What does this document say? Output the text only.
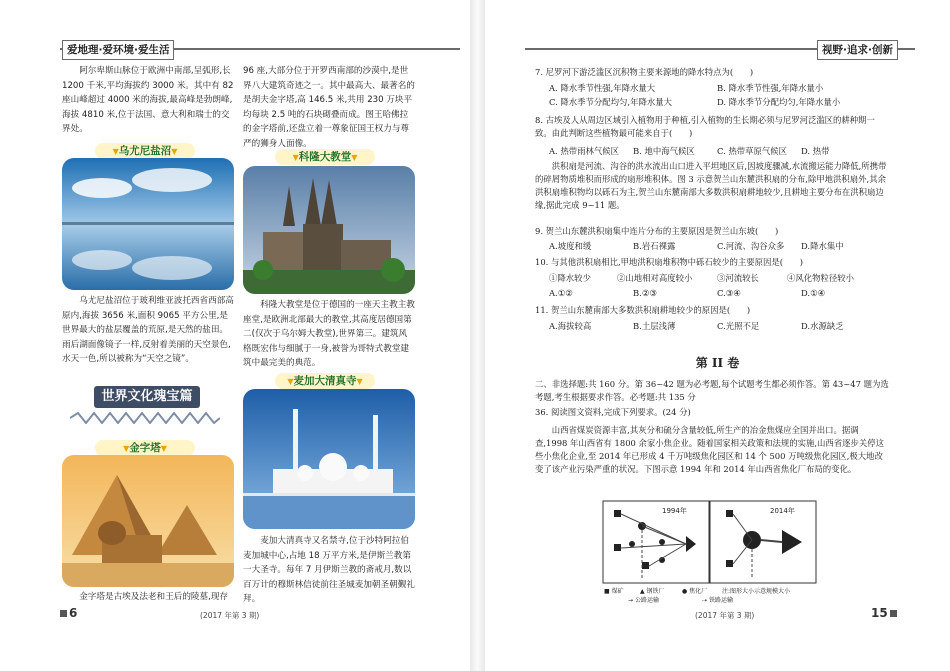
爱地理·爱环境·爱生活

阿尔卑斯山脉位于欧洲中南部,呈弧形,长1200 千米,平均海拔约 3000 米。其中有 82 座山峰超过 4000 米的海拔,最高峰是勃朗峰,海拔 4810 米,位于法国、意大利和瑞士的交界处。

96 座,大部分位于开罗西南部的沙漠中,是世界八大建筑奇迹之一。其中最高大、最著名的是胡夫金字塔,高 146.5 米,共用 230 万块平均每块 2.5 吨的石块砌叠而成。图王哈佛拉的金字塔前,还盘立着一尊象征国王权力与尊严的狮身人面像。

▼乌尤尼盐沼▼

乌尤尼盐沼位于玻利维亚波托西省西部高原内,海拔 3656 米,面积 9065 平方公里,是世界最大的盐层覆盖的荒原,是天然的盐田。雨后湖面像镜子一样,反射着美丽的天空景色,水天一色,所以被称为“天空之镜”。

▼科隆大教堂▼

科隆大教堂是位于德国的一座天主教主教座堂,是欧洲北部最大的教堂,其高度居德国第二(仅次于乌尔姆大教堂),世界第三。建筑风格既宏伟与细腻于一身,被誉为哥特式教堂建筑中最完美的典范。

世界文化瑰宝篇
▼金字塔▼

金字塔是古埃及法老和王后的陵墓,现存

▼麦加大清真寺▼

麦加大清真寺又名禁寺,位于沙特阿拉伯麦加城中心,占地 18 万平方米,是伊斯兰教第一大圣寺。每年 7 月伊斯兰教的斋戒月,数以百万计的穆斯林信徒前往圣城麦加朝圣朝觐礼拜。

6	(2017 年第 3 期)
视野·追求·创新
7. 尼罗河下游泛滥区沉积物主要来源地的降水特点为(　　)
A. 降水季节性强,年降水量大	B. 降水季节性强,年降水量小
C. 降水季节分配均匀,年降水量大	D. 降水季节分配均匀,年降水量小
8. 古埃及人从周边区域引入植物用于种植,引入植物的生长期必须与尼罗河泛滥区的耕种期一致。由此判断这些植物最可能来自于(　　)
A. 热带雨林气候区 B. 地中海气候区	C. 热带草原气候区 D. 热带
洪积扇是河流、沟谷的洪水流出山口进入平坦地区后,因坡度骤减,水流搬运能力降低,所携带的碎屑物质堆积而形成的扇形堆积体。图 3 示意贺兰山东麓洪积扇的分布,除甲地洪积扇外,其余洪积扇堆积物均以砾石为主,贺兰山东麓南部大多数洪积扇耕地较少,且耕地主要分布在洪积扇边缘,据此完成 9~11 题。
9. 贺兰山东麓洪积扇集中连片分布的主要原因是贺兰山东坡(　　)
A.坡度和缓	B.岩石裸露	C.河流、沟谷众多 D.降水集中
10. 与其他洪积扇相比,甲地洪积扇堆积物中砾石较少的主要原因是(　　)
①降水较少	②山地相对高度较小	③河流较长	④风化物粒径较小
A.①②	B.②③	C.③④	D.①④
11. 贺兰山东麓南部大多数洪积扇耕地较少的原因是(　　)
A.海拔较高	B.土层浅薄	C.光照不足	D.水源缺乏
第 II 卷
二、非选择题:共 160 分。第 36~42 题为必考题,每个试题考生都必须作答。第 43~47 题为选考题,考生根据要求作答。必考题:共 135 分
36. 阅读图文资料,完成下列要求。(24 分)
山西省煤炭资源丰富,其灰分和硫分含量较低,所生产的冶金焦煤应全国并出口。据调查,1998 年山西省有 1800 余家小焦企业。随着国家相关政策和法规的实施,山西省逐步关停这些小焦化企业,至 2014 年已形成 4 千万吨级焦化园区和 14 个 500 万吨级焦化园区,极大地改变了该产业污染严重的状况。下图示意 1994 年和 2014 年山西省焦化厂布局的变化。
1994年	2014年
■ 煤矿	▲ 钢铁厂	● 焦化厂 注:图形大小示意规模大小
→ 公路运输	⇢ 铁路运输
(2017 年第 3 期)	15
